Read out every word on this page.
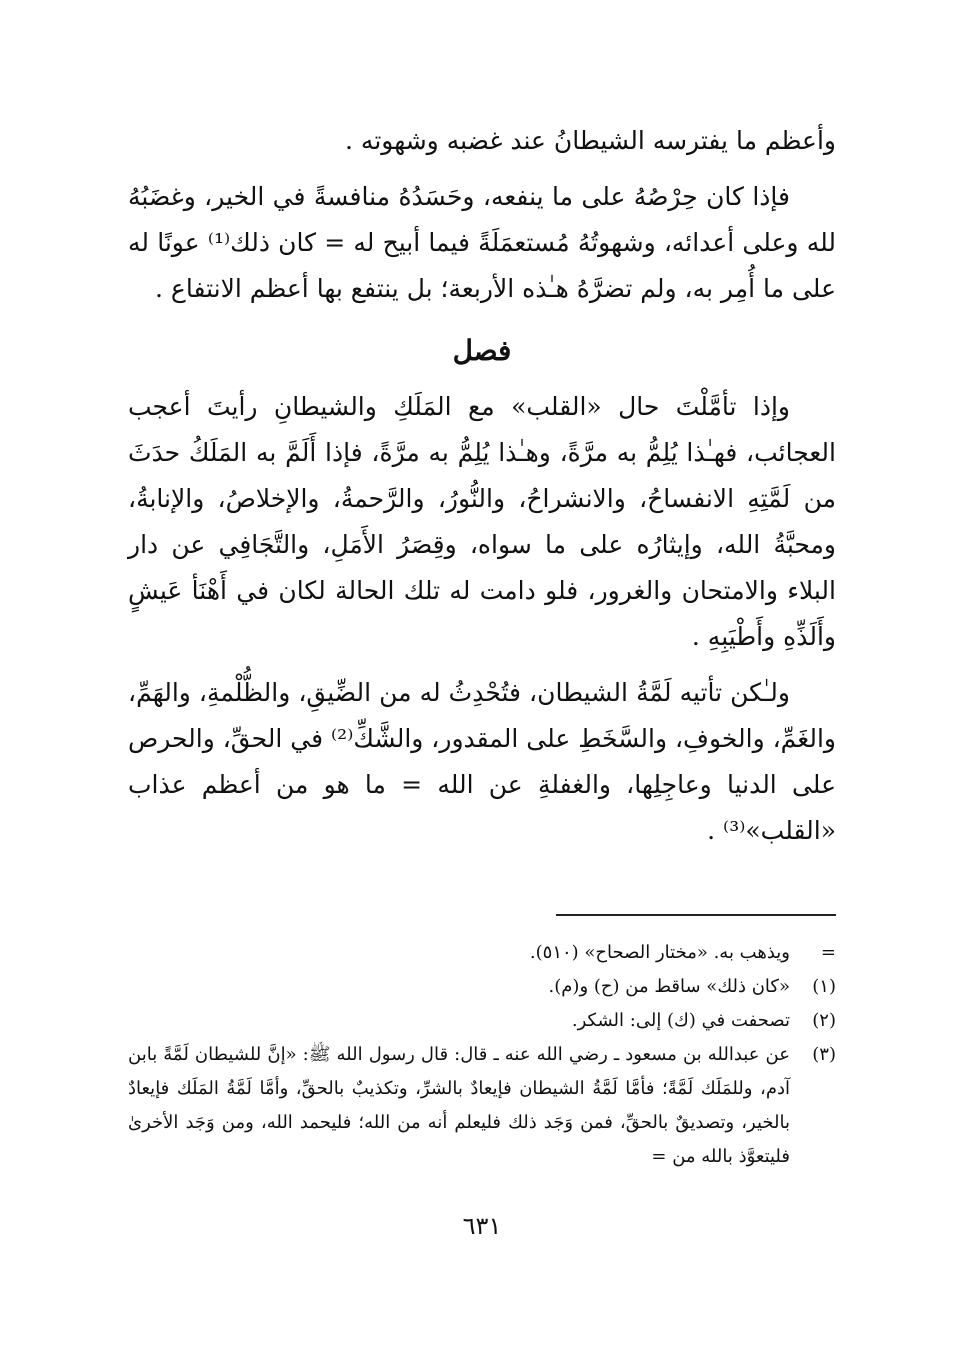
وأعظم ما يفترسه الشيطانُ عند غضبه وشهوته .

فإذا كان حِرْصُهُ على ما ينفعه، وحَسَدُهُ منافسةً في الخير، وغضَبُهُ لله وعلى أعدائه، وشهوتُهُ مُستعمَلَةً فيما أبيح له = كان ذلك⁽¹⁾ عونًا له على ما أُمِر به، ولم تضرَّهُ هـٰذه الأربعة؛ بل ينتفع بها أعظم الانتفاع .

فصل

وإذا تأمَّلْتَ حال «القلب» مع المَلَكِ والشيطانِ رأيتَ أعجب العجائب، فهـٰذا يُلِمُّ به مرَّةً، وهـٰذا يُلِمُّ به مرَّةً، فإذا أَلَمَّ به المَلَكُ حدَثَ من لَمَّتِهِ الانفساحُ، والانشراحُ، والنُّورُ، والرَّحمةُ، والإخلاصُ، والإنابةُ، ومحبَّةُ الله، وإيثارُه على ما سواه، وقِصَرُ الأَمَلِ، والتَّجَافِي عن دار البلاء والامتحان والغرور، فلو دامت له تلك الحالة لكان في أَهْنَأ عَيشٍ وأَلَذِّهِ وأَطْيَبِهِ .

ولـٰكن تأتيه لَمَّةُ الشيطان، فتُحْدِثُ له من الضِّيقِ، والظُّلْمةِ، والهَمِّ، والغَمِّ، والخوفِ، والسَّخَطِ على المقدور، والشَّكِّ⁽²⁾ في الحقِّ، والحرص على الدنيا وعاجِلِها، والغفلةِ عن الله = ما هو من أعظم عذاب «القلب»⁽³⁾ .

=
ويذهب به. «مختار الصحاح» (٥١٠).
(١)
«كان ذلك» ساقط من (ح) و(م).
(٢)
تصحفت في (ك) إلى: الشكر.
(٣)
عن عبدالله بن مسعود ـ رضي الله عنه ـ قال: قال رسول الله ﷺ: «إنَّ للشيطان لَمَّةً بابن آدم، وللمَلَك لَمَّةً؛ فأمَّا لَمَّةُ الشيطان فإيعادٌ بالشرِّ، وتكذيبٌ بالحقِّ، وأمَّا لَمَّةُ المَلَك فإيعادٌ بالخير، وتصديقٌ بالحقِّ، فمن وَجَد ذلك فليعلم أنه من الله؛ فليحمد الله، ومن وَجَد الأخرىٰ فليتعوَّذ بالله من =
٦٣١
